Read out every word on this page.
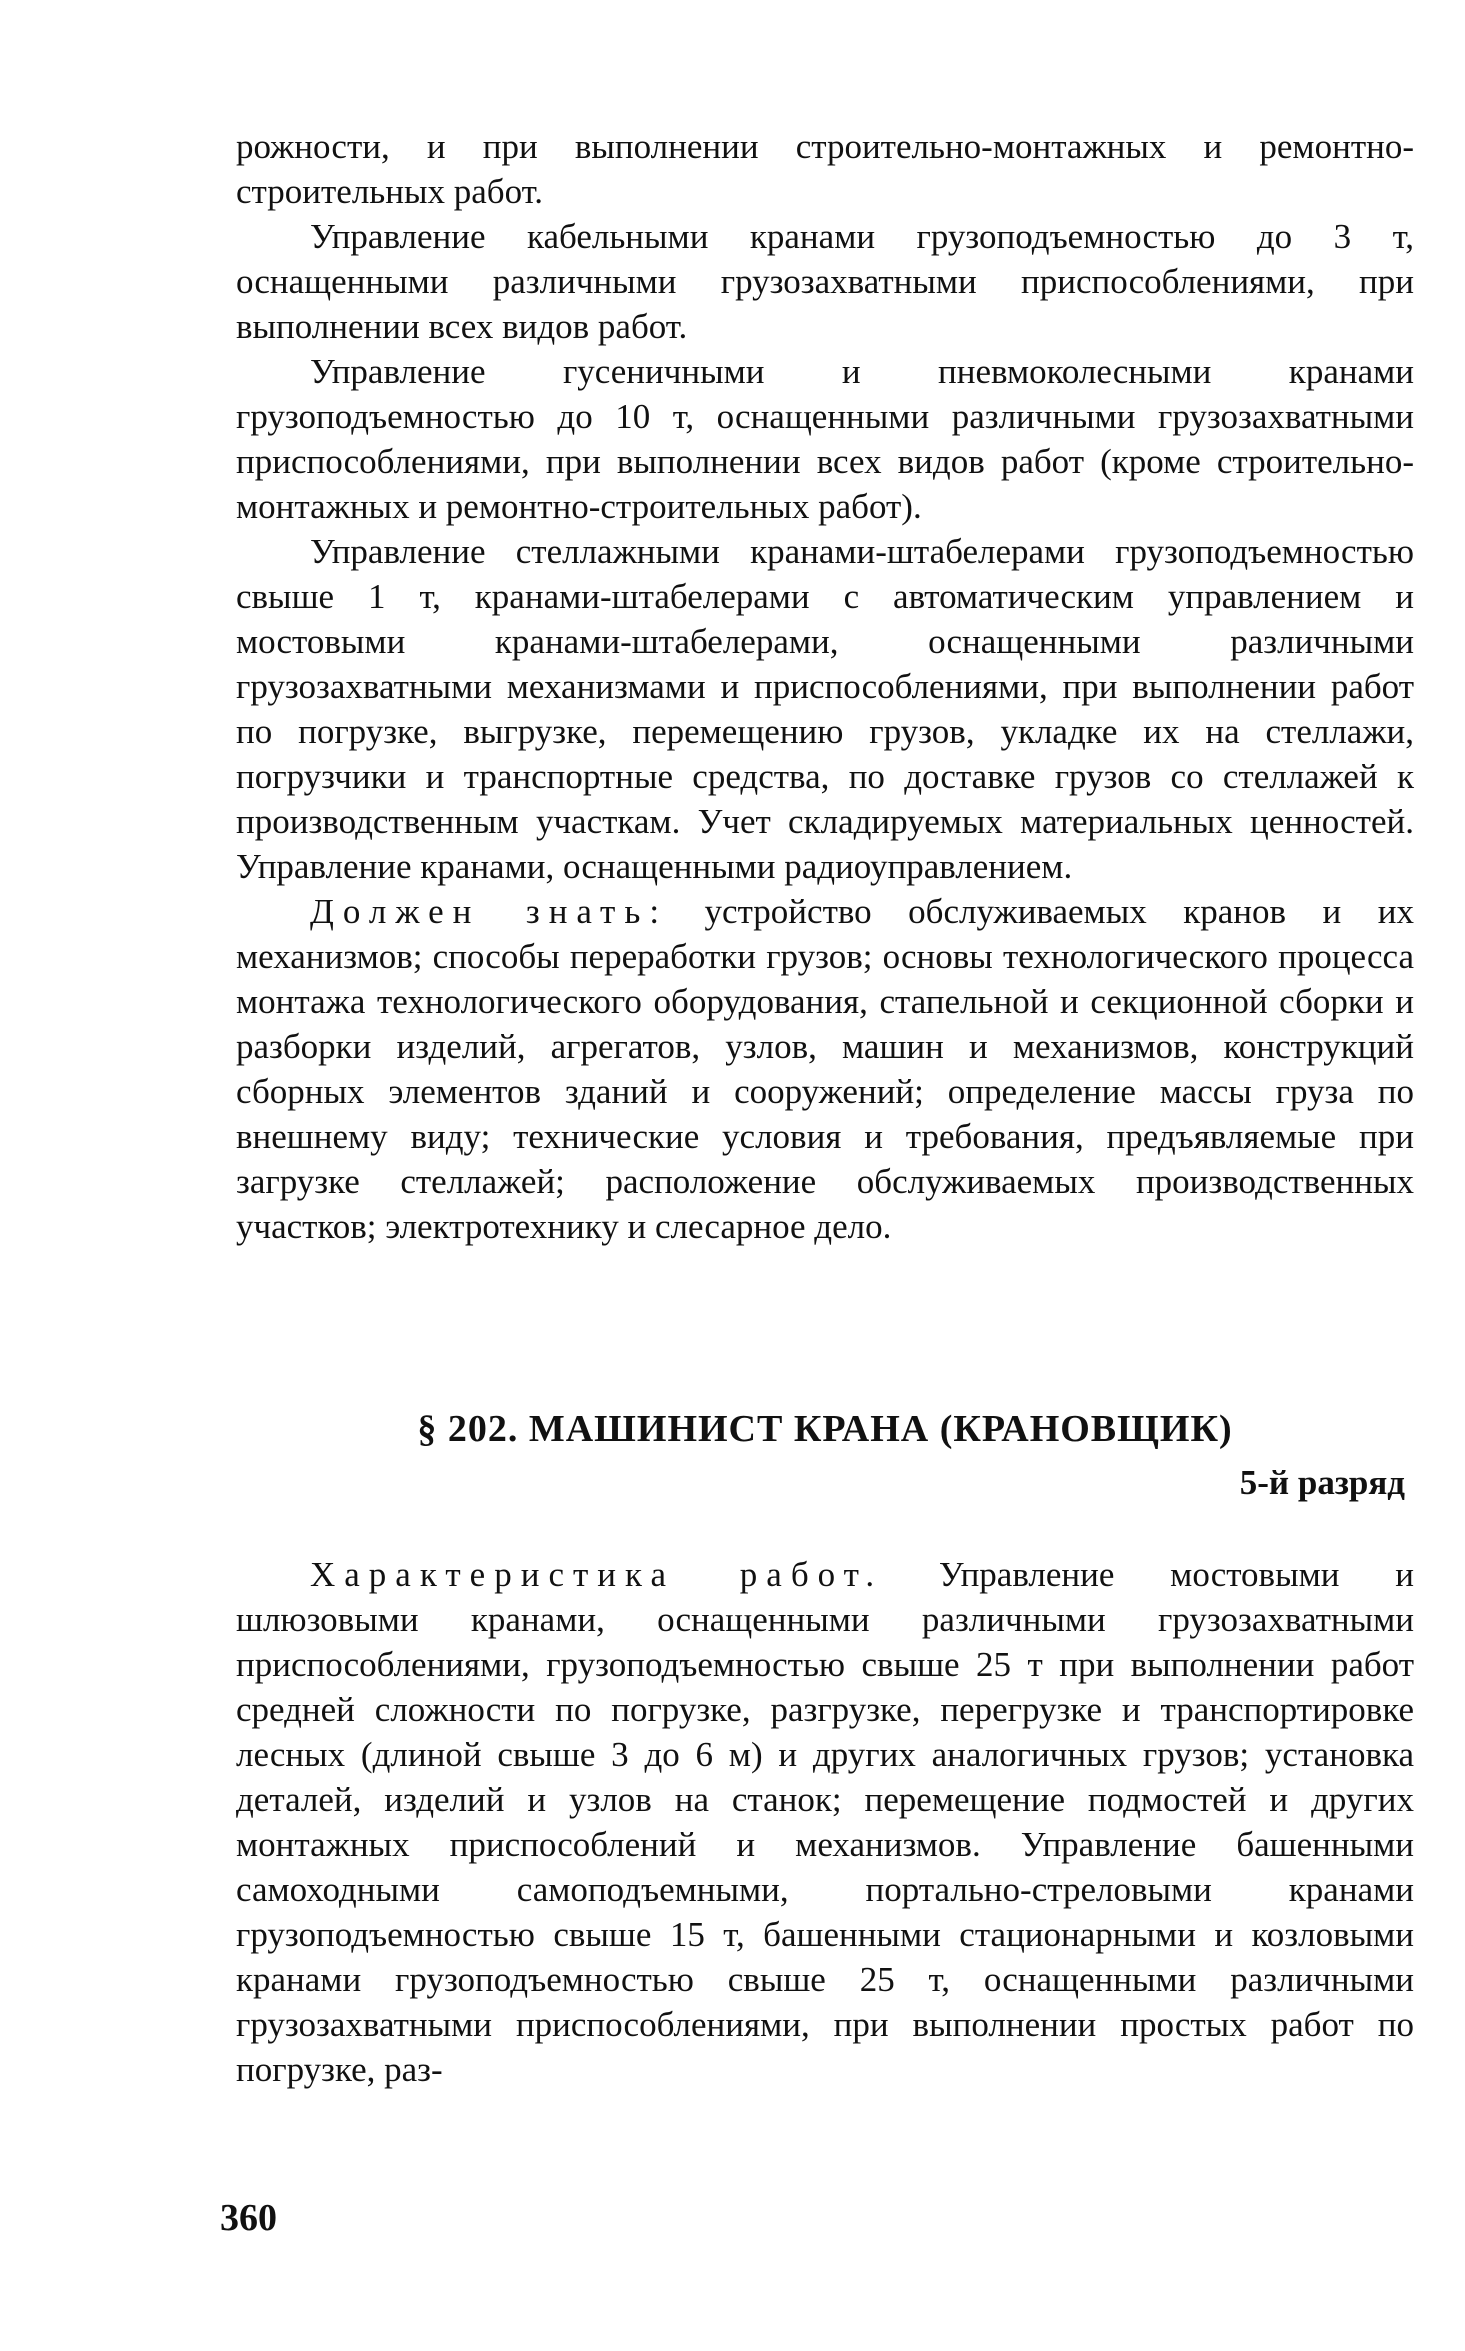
рожности, и при выполнении строительно-монтажных и ремонтно-строительных работ.

Управление кабельными кранами грузоподъемностью до 3 т, оснащенными различными грузозахватными приспособлениями, при выполнении всех видов работ.

Управление гусеничными и пневмоколесными кранами грузоподъемностью до 10 т, оснащенными различными грузозахватными приспособлениями, при выполнении всех видов работ (кроме строительно-монтажных и ремонтно-строительных работ).

Управление стеллажными кранами-штабелерами грузоподъемностью свыше 1 т, кранами-штабелерами с автоматическим управлением и мостовыми кранами-штабелерами, оснащенными различными грузозахватными механизмами и приспособлениями, при выполнении работ по погрузке, выгрузке, перемещению грузов, укладке их на стеллажи, погрузчики и транспортные средства, по доставке грузов со стеллажей к производственным участкам. Учет складируемых материальных ценностей. Управление кранами, оснащенными радиоуправлением.

Должен знать: устройство обслуживаемых кранов и их механизмов; способы переработки грузов; основы технологического процесса монтажа технологического оборудования, стапельной и секционной сборки и разборки изделий, агрегатов, узлов, машин и механизмов, конструкций сборных элементов зданий и сооружений; определение массы груза по внешнему виду; технические условия и требования, предъявляемые при загрузке стеллажей; расположение обслуживаемых производственных участков; электротехнику и слесарное дело.

§ 202. МАШИНИСТ КРАНА (КРАНОВЩИК)
5-й разряд

Характеристика работ. Управление мостовыми и шлюзовыми кранами, оснащенными различными грузозахватными приспособлениями, грузоподъемностью свыше 25 т при выполнении работ средней сложности по погрузке, разгрузке, перегрузке и транспортировке лесных (длиной свыше 3 до 6 м) и других аналогичных грузов; установка деталей, изделий и узлов на станок; перемещение подмостей и других монтажных приспособлений и механизмов. Управление башенными самоходными самоподъемными, портально-стреловыми кранами грузоподъемностью свыше 15 т, башенными стационарными и козловыми кранами грузоподъемностью свыше 25 т, оснащенными различными грузозахватными приспособлениями, при выполнении простых работ по погрузке, раз-

360
